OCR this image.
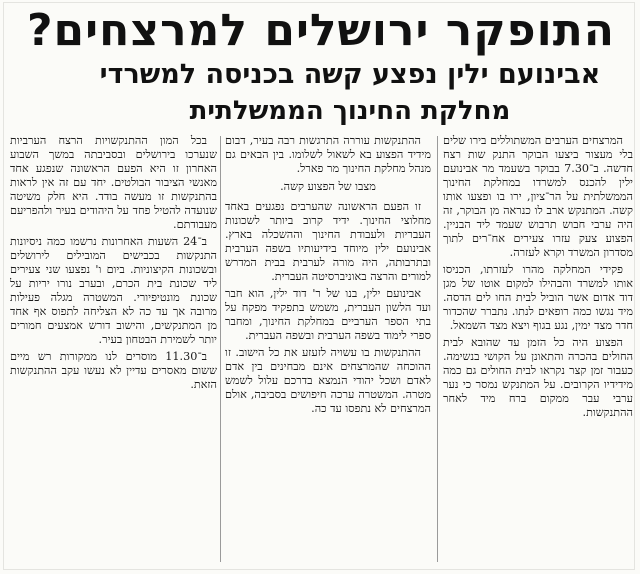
התופקר ירושלים למרצחים?
אבינועם ילין נפצע קשה בכניסה למשרדי
מחלקת החינוך הממשלתית

המרצחים הערבים המשתוללים בירו שלים בלי מעצור ביצעו הבוקר התנק שות רצח חדשה. ב־7.30 בבוקר בשעמד מר אבינועם ילין להכנס למשרדו במחלקת החינוך הממשלתית על הר־ציון, ירו בו ופצעו אותו קשה. המתנקש ארב לו כנראה מן הבוקר, זה היה ערבי חבוש תרבוש שעמד ליד הבניין. הפצוע צעק עזרו צעירים אח־רים לתוך מסדרון המשרד וקרא לעזרה.

פקידי המחלקה מהרו לעזרתו, הכניסו אותו למשרד והבהילו למקום אוטו של מגן דוד אדום אשר הוביל לבית החו לים הדסה. מיד נגשו כמה רופאים לנתו. נתברר שהכדור חדר מצד ימין, נגע בגוף ויצא מצד השמאל.

הפצוע היה כל הזמן עד שהובא לבית החולים בהכרה והתאונן על הקושי בנשימה. כעבור זמן קצר נקראו לבית החולים גם כמה מידידיו הקרובים. על המתנקש נמסר כי נער ערבי עבר ממקום ברח מיד לאחר ההתנקשות.

ההתנקשות עוררה התרגשות רבה בעיר, דבום מידיד הפצוע בא לשאול לשלומו. בין הבאים גם מנהל מחלקת החינוך מר פארל.

מצבו של הפצוע קשה.

זו הפעם הראשונה שהערבים נפגעים באחד מחלוצי החינוך. ידיד קרוב ביותר לשכונות העבריות ולעבודת החינוך וההשכלה בארץ. אבינועם ילין מיוחד בידיעותיו בשפה הערבית ובתרבותה, היה מורה לערבית בבית המדרש למורים והרצה באוניברסיטה העברית.

אבינועם ילין, בנו של ר' דוד ילין, הוא חבר ועד הלשון העברית, משמש בתפקיד מפקח על בתי הספר הערביים במחלקת החינוך, ומחבר ספרי לימוד בשפה הערבית ובשפה העברית.

ההתנקשות בו עשויה לזעזע את כל הישוב. זו ההוכחה שהמרצחים אינם מבחינים בין אדם לאדם ושכל יהודי הנמצא בדרכם עלול לשמש מטרה. המשטרה ערכה חיפושים בסביבה, אולם המרצחים לא נתפסו עד כה.

בכל המון ההתנקשויות הרצח הערביות שנערכו בירושלים ובסביבתה במשך השבוע האחרון זו היא הפעם הראשונה שנפגע אחד מאנשי הציבור הבולטים. יחד עם זה אין לראות בהתנקשות זו מעשה בודד. היא חלק משיטה שנועדה להטיל פחד על היהודים בעיר ולהפריעם מעבודתם.

ב־24 השעות האחרונות נרשמו כמה ניסיונות התנקשות בכבישים המובילים לירושלים ובשכונות הקיצוניות. ביום ו' נפצעו שני צעירים ליד שכונת בית הכרם, ובערב נורו יריות על שכונת מונטיפיורי. המשטרה מגלה פעילות מרובה אך עד כה לא הצליחה לתפוס אף אחד מן המתנקשים, והישוב דורש אמצעים חמורים יותר לשמירת הבטחון בעיר.

ב־11.30 מוסרים לנו ממקורות רש מיים ששום מאסרים עדיין לא נעשו עקב ההתנקשות הזאת.
